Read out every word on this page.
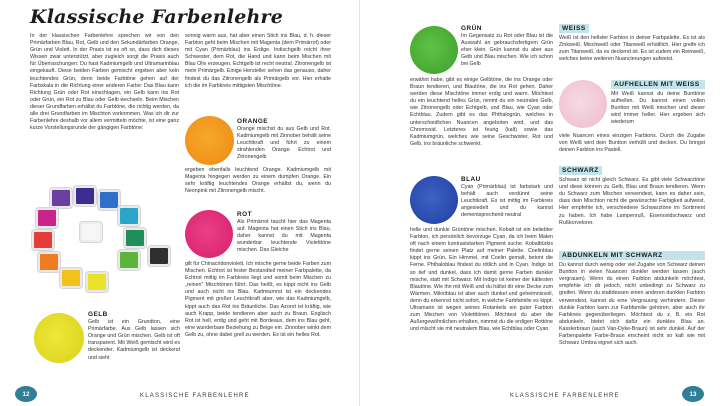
Klassische Farbenlehre

In der klassischen Farbenlehre sprechen wir von den Primärfarben Blau, Rot, Gelb und den Sekundärfarben Orange, Grün und Violett. In der Praxis ist es oft so, dass dich dieses Wissen zwar unterstützt, aber zugleich sorgt die Praxis auch für Überraschungen: Du hast Kadmiumgelb und Ultramarinblau eingekauft. Diese beiden Farben gemischt ergeben aber kein leuchtendes Grün, denn beide Farbtöne gehen auf der Farbskala in die Richtung einer anderen Farbe: Das Blau kann Richtung Grün oder Rot einschlagen, ein Gelb kann ins Rot oder Grün, ein Rot zu Blau oder Gelb wechseln. Beim Mischen dieser Grundfarben erhältst du Farbtöne, die richtig werden, da alle drei Grundfarben im Mischton vorkommen. Was ich dir zur Farbenlehre deshalb vor allem vermitteln möchte, ist eine ganz kurze Vorstellungsrunde der gängigen Farbtöne:

GELB

Gelb ist ein Grundton, eine Primärfarbe. Aus Gelb lassen sich Orange und Grün mischen. Gelb ist oft transparent. Mit Weiß gemischt wird es deckender. Kadmiumgelb ist deckend und sieht

sonnig warm aus, hat aber einen Stich ins Blau, d. h. dieser Farbton geht beim Mischen mit Magenta (dem Primärrot) oder mit Cyan (Primärblau) ins Erdige. Indischgelb reicht ihrer Schwester, dem Rot, die Hand und kann beim Mischen mit Blau Oliv erzeugen. Echtgelb ist recht neutral. Zitronengelb ist mein Primärgelb. Einige Hersteller sehen das genauso, daher findest du das Zitronengelb als Primärgelb vor. Hier erhalte ich die im Farbkreis mittigsten Mischtöne.

ORANGE

Orange mischst du aus Gelb und Rot. Kadmiumgelb mit Zinnober behält seine Leuchtkraft und führt zu einem strahlenden Orange. Echtrot und Zitronengelb

ergeben ebenfalls leuchtend Orange. Kadmiumgelb mit Magenta hingegen werden zu einem dumpfen Orange. Ein sehr kräftig leuchtendes Orange erhältst du, wenn du Neonpink mit Zitronengelb mischt.

ROT

Als Primärrot taucht hier das Magenta auf. Magenta hat einen Stich ins Blau, daher kannst du mit Magenta wunderbar leuchtende Violetttöne mischen. Das Gleiche

gilt für Chinacridonviolett. Ich mische gerne beide Farben zum Mischen. Echtrot ist fester Bestandteil meiner Farbpalette, da Echtrot mittig im Farbkreis liegt und somit beim Mischen zu „reinen" Mischtönen führt. Das heißt, es kippt nicht ins Gelb und auch nicht ins Blau. Kadmiumrot ist ein deckendes Pigment mit großer Leuchtkraft aber, wie das Kadmiumgelb, kippt auch das Rot ins Bräunliche. Das Azorot ist kräftig, wie auch Krapp, beide tendieren aber auch zu Braun. Englisch Rot ist hell, erdig und geht mit Bordeaux, dem ins Blau geht, eine wunderbare Beziehung zu Beige ein. Zinnober winkt dem Gelb zu, ohne dabei grell zu werden. Es ist ein helles Rot.

12	KLASSISCHE FARBENLEHRE
GRÜN

Im Gegensatz zu Rot oder Blau ist die Auswahl an gebrauchsfertigem Grün eher klein. Grün kannst du aber aus Gelb und Blau mischen. Wie ich schon bei Gelb

erwähnt habe, gibt es einige Gelbtöne, die ins Orange oder Braun tendieren, und Blautöne, die ins Rot gehen. Daher werden diese Mischtöne immer erdig und warm. Möchtest du ein leuchtend helles Grün, nimmt du ein neutrales Gelb, wie Zitronengelb oder Echtgelb, und Blau, wie Cyan oder Echtblau. Zudem gibt es das Phthalogrün, welches in unterschiedlichen Nuancen angeboten wird, und das Chromoxid. Letzteres ist feurig (kalt) sowie das Kadmiumgrün, welches wie seine Geschwister, Rot und Gelb, ins bräunliche schwenkt.

BLAU

Cyan (Primärblau) ist farbstark und behält auch verdünnt seine Leuchtkraft. Es ist mittig im Farbkreis angesiedelt und du kannst dementsprechend neutral

helle und dunkle Grüntöne mischen. Kobalt ist ein beliebter Farbton, ich persönlich bevorzuge Cyan, da ich beim Malen oft nach einem kontraststarken Pigment suche. Kobalttürkis findet gerne seinen Platz auf meiner Palette. Coelinblau kippt ins Grün. Ein Himmel, mit Coelin gemalt, betont die Ferne. Phthaloblau findest du rötlich und in Cyan. Indigo ist so tief und dunkel, dass ich damit gerne Farben dunkler mische, statt mit Schwarz. Mit Indigo ist keiner der kältesten Blautöne. Wie ihn mit Weiß und du hältst dir eine Decke zum Wärmen. Milorіblau ist aber auch dunkel und geheimnisvoll, denn du erkennst nicht sofort, in welche Farbfamilie es kippt. Ultramarin ist wegen seines Rotanteils ein guter Farbton zum Mischen von Violetttönen. Möchtest du aber die Außergewöhnlichen erhalten, nimmst du die erdigen Rottöne und mischt sie mit neutralem Blau, wie Echtblau oder Cyan.

WEISS

Weiß ist den hellster Farbton in deiner Farbpalette. Es ist als Zinkweiß, Mischweiß oder Titanweiß erhältlich. Hier greife ich zum Titanweiß, da es deckend ist. Es ist zudem ein Reinweiß, welches keine weiteren Nuancierungen aufweist.

AUFHELLEN MIT WEISS

Mit Weiß kannst du deine Bunttöne aufhellen. Du kannst einen vollen Buntton mit Weiß mischen und dieser wird immer heller. Hier ergeben sich wiederum

viele Nuancen eines einzigen Farbtons. Durch die Zugabe von Weiß wird dein Buntton verhüllt und decken. Du bringst deinen Farbton ins Pastell.

SCHWARZ

Schwarz ist nicht gleich Schwarz. Es gibt viele Schwarztöne und diese können zu Gelb, Blau und Braun tendieren. Wenn du Schwarz zum Mischen verwendest, kann es daher sein, dass dein Mischton nicht die gewünschte Farbigkeit aufweist. Hier empfehle ich, verschiedene Schwarztöne im Sortiment zu haben. Ich habe Lampenruß, Eisenoxidschwarz und Rußkorvelorer.

ABDUNKELN MIT SCHWARZ

Du kannst durch wenig oder viel Zugabe von Schwarz deinen Buntton in vielen Nuancen dunkler werden lassen (auch vergrauen). Wenn du einen Farbton abdunkeln möchtest, empfehle ich dir jedoch, nicht unbedingt zu Schwarz zu greifen. Wenn du stattdessen einen anderen dunklen Farbton verwendest, kannst du eine Vergrauung verhindern. Dieser dunkle Farbton kann zur Farbfamilie gehören, aber auch ihr Farbkreis gegenüberliegen. Möchtest du z. B. ein Rot abdunkeln, bietet sich dafür ein dunkles Blau an. Kasslerbraun (auch Van-Dyke-Braun) ist sehr dunkel. Auf der Farbenpalette Farbe-Braun erscheint nicht so kalt wie mit Schwarz Umbra eignet sich auch.

KLASSISCHE FARBENLEHRE	13
